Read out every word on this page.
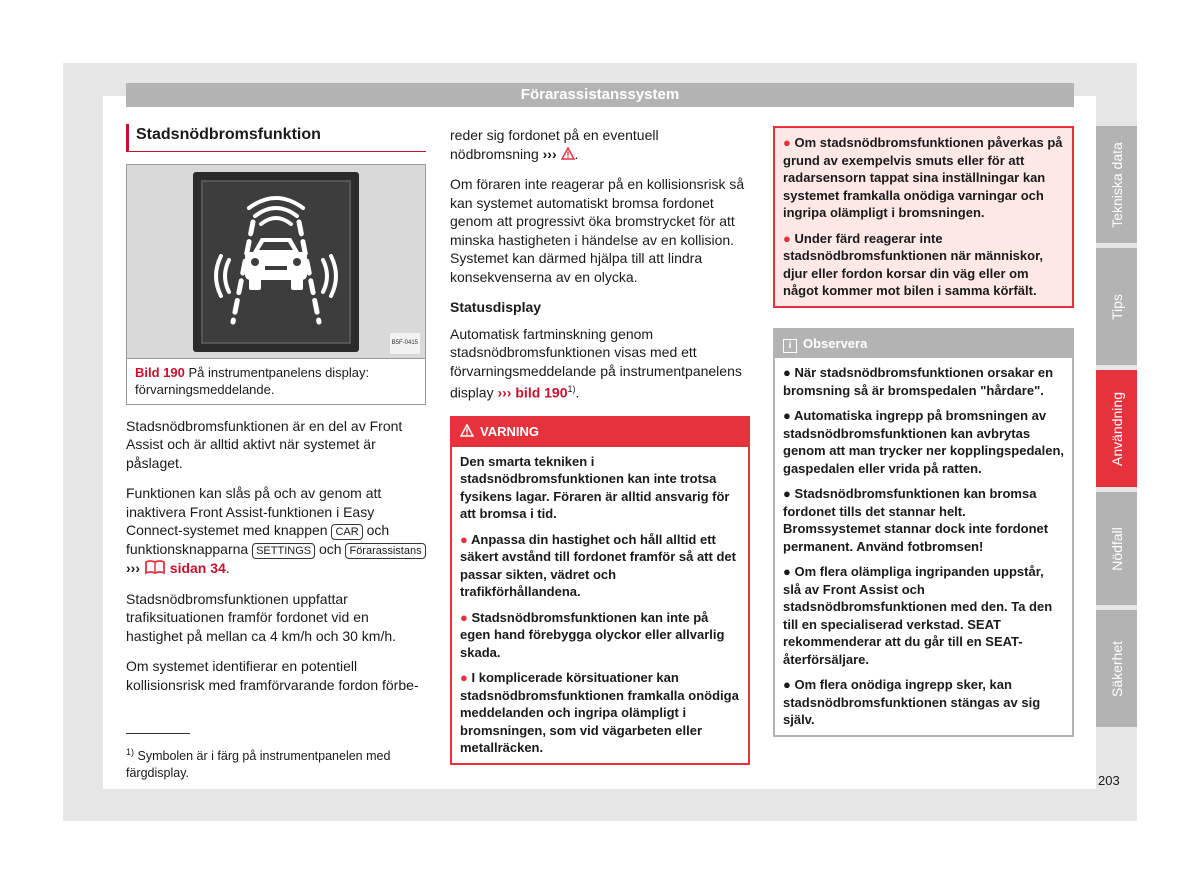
Förarassistanssystem
Stadsnödbromsfunktion
B5F-0415
Bild 190 På instrumentpanelens display: förvarningsmeddelande.

Stadsnödbromsfunktionen är en del av Front Assist och är alltid aktivt när systemet är påslaget.

Funktionen kan slås på och av genom att inaktivera Front Assist-funktionen i Easy Connect-systemet med knappen CAR och funktionsknapparna SETTINGS och Förarassistans
››› sidan 34.

Stadsnödbromsfunktionen uppfattar trafiksituationen framför fordonet vid en hastighet på mellan ca 4 km/h och 30 km/h.

Om systemet identifierar en potentiell kollisionsrisk med framförvarande fordon förbe-

reder sig fordonet på en eventuell nödbromsning ››› .

Om föraren inte reagerar på en kollisionsrisk så kan systemet automatiskt bromsa fordonet genom att progressivt öka bromstrycket för att minska hastigheten i händelse av en kollision. Systemet kan därmed hjälpa till att lindra konsekvenserna av en olycka.

Statusdisplay

Automatisk fartminskning genom stadsnödbromsfunktionen visas med ett förvarningsmeddelande på instrumentpanelens display ››› bild 190$^{1)}$.

VARNING

Den smarta tekniken i stadsnödbromsfunktionen kan inte trotsa fysikens lagar. Föraren är alltid ansvarig för att bromsa i tid.

● Anpassa din hastighet och håll alltid ett säkert avstånd till fordonet framför så att det passar sikten, vädret och trafikförhållandena.

● Stadsnödbromsfunktionen kan inte på egen hand förebygga olyckor eller allvarlig skada.

● I komplicerade körsituationer kan stadsnödbromsfunktionen framkalla onödiga meddelanden och ingripa olämpligt i bromsningen, som vid vägarbeten eller metallräcken.

● Om stadsnödbromsfunktionen påverkas på grund av exempelvis smuts eller för att radarsensorn tappat sina inställningar kan systemet framkalla onödiga varningar och ingripa olämpligt i bromsningen.

● Under färd reagerar inte stadsnödbromsfunktionen när människor, djur eller fordon korsar din väg eller om något kommer mot bilen i samma körfält.

i Observera

● När stadsnödbromsfunktionen orsakar en bromsning så är bromspedalen "hårdare".

● Automatiska ingrepp på bromsningen av stadsnödbromsfunktionen kan avbrytas genom att man trycker ner kopplingspedalen, gaspedalen eller vrida på ratten.

● Stadsnödbromsfunktionen kan bromsa fordonet tills det stannar helt. Bromssystemet stannar dock inte fordonet permanent. Använd fotbromsen!

● Om flera olämpliga ingripanden uppstår, slå av Front Assist och stadsnödbromsfunktionen med den. Ta den till en specialiserad verkstad. SEAT rekommenderar att du går till en SEAT-återförsäljare.

● Om flera onödiga ingrepp sker, kan stadsnödbromsfunktionen stängas av sig själv.

$^{1)}$ Symbolen är i färg på instrumentpanelen med färgdisplay.	203
Tekniska data
Tips
Användning
Nödfall
Säkerhet
